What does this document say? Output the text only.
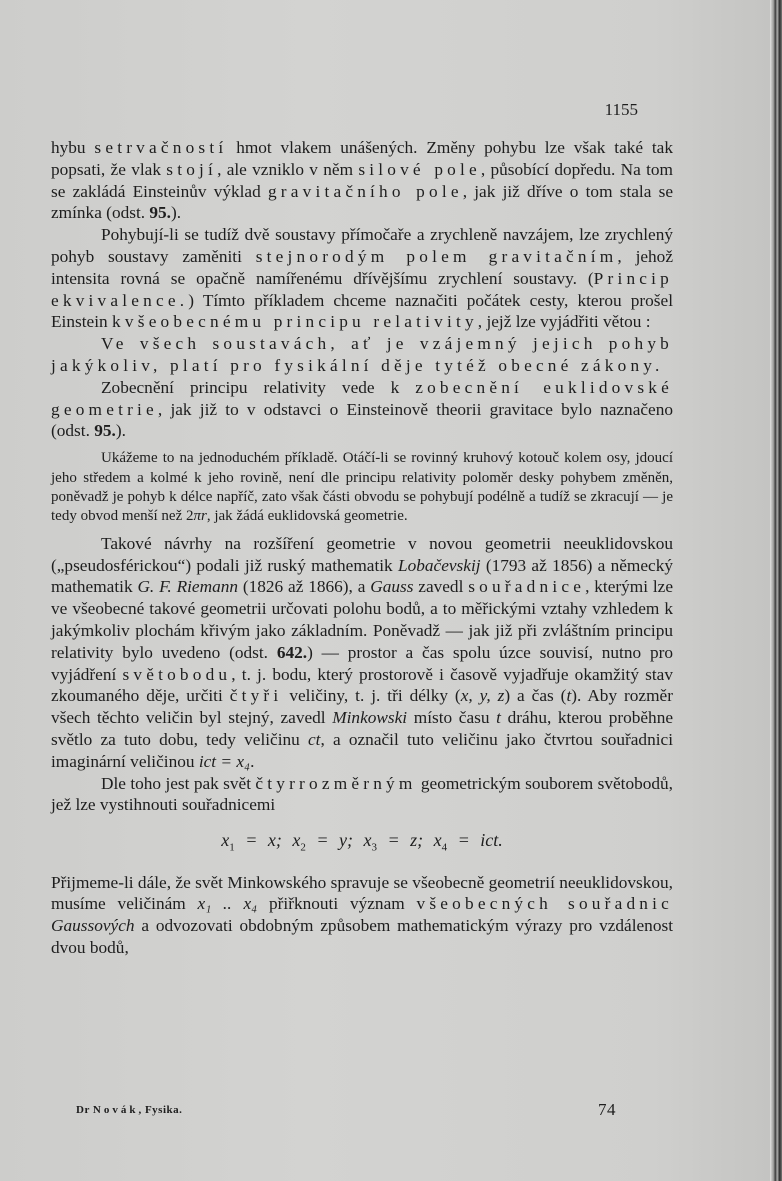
1155

hybu setrvačností hmot vlakem unášených. Změny pohybu lze však také tak popsati, že vlak stojí, ale vzniklo v něm silové pole, působící dopředu. Na tom se zakládá Einsteinův výklad gravitačního pole, jak již dříve o tom stala se zmínka (odst. 95.).

Pohybují-li se tudíž dvě soustavy přímočaře a zrychleně navzájem, lze zrychlený pohyb soustavy zaměniti stejnorodým polem gravitačním, jehož intensita rovná se opačně namířenému dřívějšímu zrychlení soustavy. (Princip ekvivalence.) Tímto příkladem chceme naznačiti počátek cesty, kterou prošel Einstein k všeobecnému principu relativity, jejž lze vyjádřiti větou :

Ve všech soustavách, ať je vzájemný jejich pohyb jakýkoliv, platí pro fysikální děje tytéž obecné zákony.

Zobecnění principu relativity vede k zobecnění euklidovské geometrie, jak již to v odstavci o Einsteinově theorii gravitace bylo naznačeno (odst. 95.).

Ukážeme to na jednoduchém příkladě. Otáčí-li se rovinný kruhový kotouč kolem osy, jdoucí jeho středem a kolmé k jeho rovině, není dle principu relativity poloměr desky pohybem změněn, poněvadž je pohyb k délce napříč, zato však části obvodu se pohybují podélně a tudíž se zkracují — je tedy obvod menší než 2πr, jak žádá euklidovská geometrie.

Takové návrhy na rozšíření geometrie v novou geometrii neeuklidovskou („pseudosférickou“) podali již ruský mathematik Lobačevskij (1793 až 1856) a německý mathematik G. F. Riemann (1826 až 1866), a Gauss zavedl souřadnice, kterými lze ve všeobecné takové geometrii určovati polohu bodů, a to měřickými vztahy vzhledem k jakýmkoliv plochám křivým jako základním. Poněvadž — jak již při zvláštním principu relativity bylo uvedeno (odst. 642.) — prostor a čas spolu úzce souvisí, nutno pro vyjádření světobodu, t. j. bodu, který prostorově i časově vyjadřuje okamžitý stav zkoumaného děje, určiti čtyři veličiny, t. j. tři délky (x, y, z) a čas (t). Aby rozměr všech těchto veličin byl stejný, zavedl Minkowski místo času t dráhu, kterou proběhne světlo za tuto dobu, tedy veličinu ct, a označil tuto veličinu jako čtvrtou souřadnici imaginární veličinou ict = x₄.

Dle toho jest pak svět čtyrrozměrným geometrickým souborem světobodů, jež lze vystihnouti souřadnicemi

$x_1 = x$; $x_2 = y$; $x_3 = z$; $x_4$ = ict.

Přijmeme-li dále, že svět Minkowského spravuje se všeobecně geometrií neeuklidovskou, musíme veličinám x₁ .. x₄ přiřknouti význam všeobecných souřadnic Gaussových a odvozovati obdobným způsobem mathematickým výrazy pro vzdálenost dvou bodů,

Dr Novák, Fysika.	74
